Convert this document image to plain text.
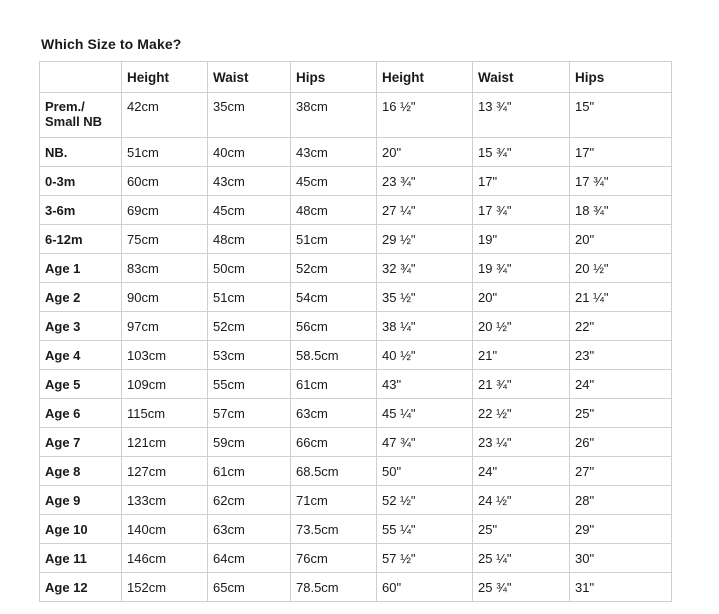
Which Size to Make?
	Height	Waist	Hips	Height	Waist	Hips
Prem./ Small NB	42cm	35cm	38cm	16 ½"	13 ¾"	15"
NB.	51cm	40cm	43cm	20"	15 ¾"	17"
0-3m	60cm	43cm	45cm	23 ¾"	17"	17 ¾"
3-6m	69cm	45cm	48cm	27 ¼"	17 ¾"	18 ¾"
6-12m	75cm	48cm	51cm	29 ½"	19"	20"
Age 1	83cm	50cm	52cm	32 ¾"	19 ¾"	20 ½"
Age 2	90cm	51cm	54cm	35 ½"	20"	21 ¼"
Age 3	97cm	52cm	56cm	38 ¼"	20 ½"	22"
Age 4	103cm	53cm	58.5cm	40 ½"	21"	23"
Age 5	109cm	55cm	61cm	43"	21 ¾"	24"
Age 6	115cm	57cm	63cm	45 ¼"	22 ½"	25"
Age 7	121cm	59cm	66cm	47 ¾"	23 ¼"	26"
Age 8	127cm	61cm	68.5cm	50"	24"	27"
Age 9	133cm	62cm	71cm	52 ½"	24 ½"	28"
Age 10	140cm	63cm	73.5cm	55 ¼"	25"	29"
Age 11	146cm	64cm	76cm	57 ½"	25 ¼"	30"
Age 12	152cm	65cm	78.5cm	60"	25 ¾"	31"
